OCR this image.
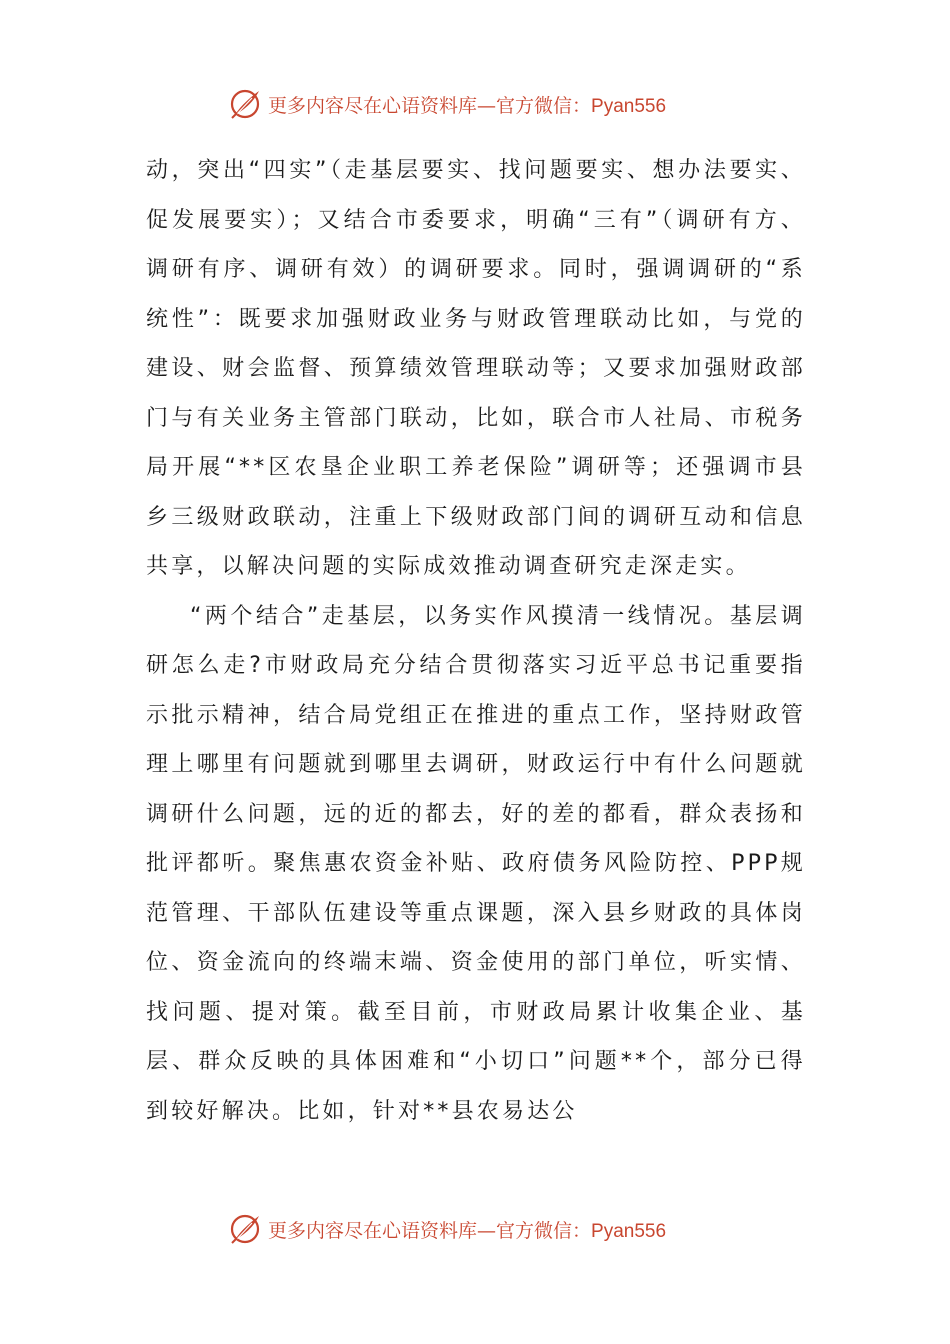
更多内容尽在心语资料库—官方微信：Pyan556

动，突出“四实”（走基层要实、找问题要实、想办法要实、促发展要实）；又结合市委要求，明确“三有”（调研有方、调研有序、调研有效）的调研要求。同时，强调调研的“系统性”：既要求加强财政业务与财政管理联动比如，与党的建设、财会监督、预算绩效管理联动等；又要求加强财政部门与有关业务主管部门联动，比如，联合市人社局、市税务局开展“**区农垦企业职工养老保险”调研等；还强调市县乡三级财政联动，注重上下级财政部门间的调研互动和信息共享，以解决问题的实际成效推动调查研究走深走实。

“两个结合”走基层，以务实作风摸清一线情况。基层调研怎么走?市财政局充分结合贯彻落实习近平总书记重要指示批示精神，结合局党组正在推进的重点工作，坚持财政管理上哪里有问题就到哪里去调研，财政运行中有什么问题就调研什么问题，远的近的都去，好的差的都看，群众表扬和批评都听。聚焦惠农资金补贴、政府债务风险防控、PPP规范管理、干部队伍建设等重点课题，深入县乡财政的具体岗位、资金流向的终端末端、资金使用的部门单位，听实情、找问题、提对策。截至目前，市财政局累计收集企业、基层、群众反映的具体困难和“小切口”问题**个，部分已得到较好解决。比如，针对**县农易达公

更多内容尽在心语资料库—官方微信：Pyan556
